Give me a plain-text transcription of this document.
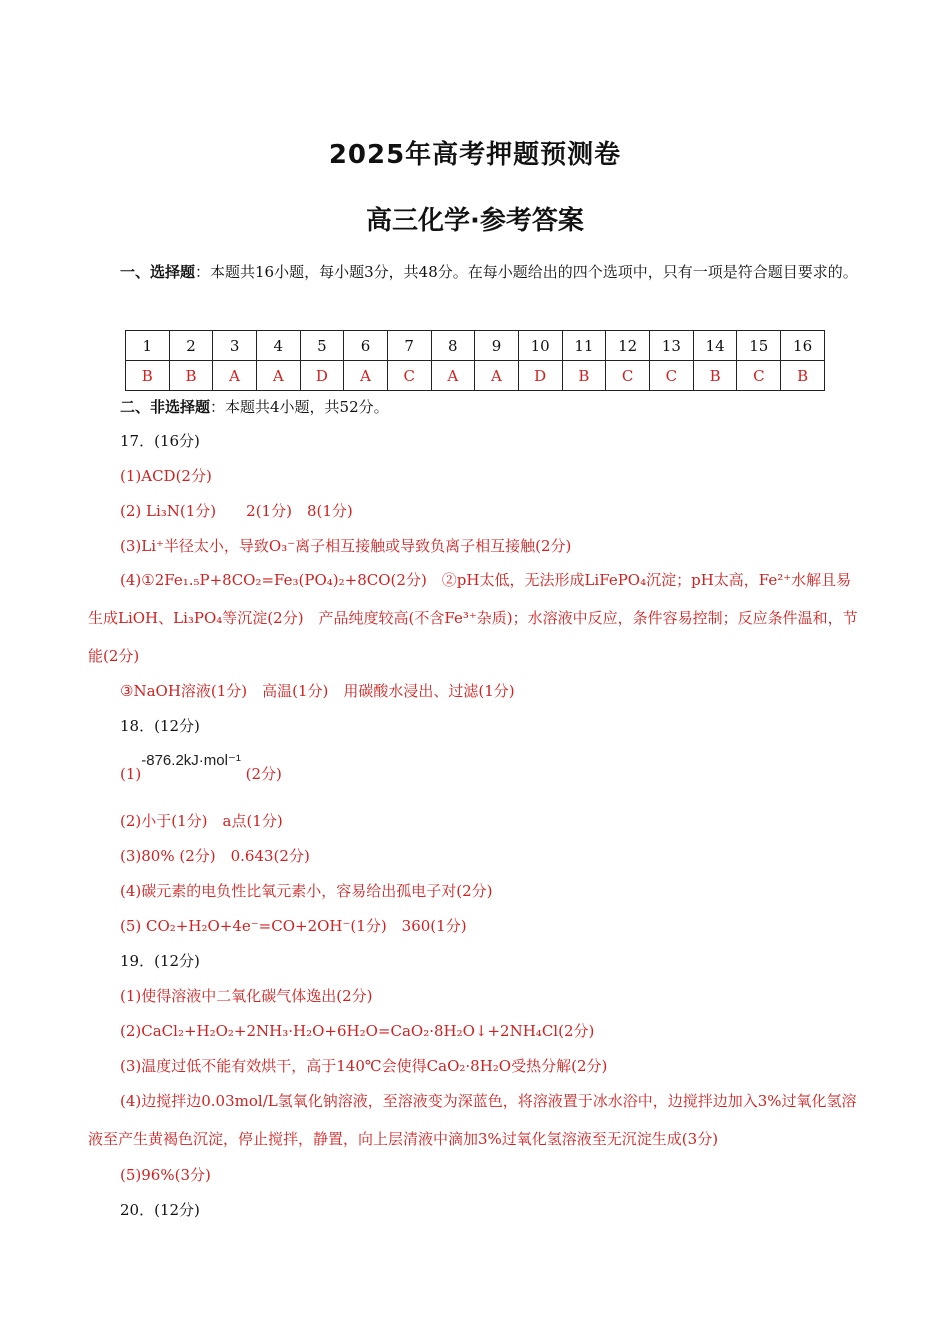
2025年高考押题预测卷
高三化学·参考答案
一、选择题：本题共16小题，每小题3分，共48分。在每小题给出的四个选项中，只有一项是符合题目要求的。
1	2	3	4	5	6	7	8	9	10	11	12	13	14	15	16
B	B	A	A	D	A	C	A	A	D	B	C	C	B	C	B
二、非选择题：本题共4小题，共52分。
17．(16分)
(1)ACD(2分)
(2) Li₃N(1分)　　2(1分)　8(1分)
(3)Li⁺半径太小，导致O₃⁻离子相互接触或导致负离子相互接触(2分)
(4)①2Fe₁.₅P+8CO₂=Fe₃(PO₄)₂+8CO(2分)　②pH太低，无法形成LiFePO₄沉淀；pH太高，Fe²⁺水解且易生成LiOH、Li₃PO₄等沉淀(2分)　产品纯度较高(不含Fe³⁺杂质)；水溶液中反应，条件容易控制；反应条件温和，节能(2分)
③NaOH溶液(1分)　高温(1分)　用碳酸水浸出、过滤(1分)
18．(12分)
(1)-876.2kJ·mol⁻¹ (2分)
(2)小于(1分)　a点(1分)
(3)80% (2分)　0.643(2分)
(4)碳元素的电负性比氧元素小，容易给出孤电子对(2分)
(5) CO₂+H₂O+4e⁻=CO+2OH⁻(1分)　360(1分)
19．(12分)
(1)使得溶液中二氧化碳气体逸出(2分)
(2)CaCl₂+H₂O₂+2NH₃·H₂O+6H₂O=CaO₂·8H₂O↓+2NH₄Cl(2分)
(3)温度过低不能有效烘干，高于140℃会使得CaO₂·8H₂O受热分解(2分)
(4)边搅拌边0.03mol/L氢氧化钠溶液，至溶液变为深蓝色，将溶液置于冰水浴中，边搅拌边加入3%过氧化氢溶液至产生黄褐色沉淀，停止搅拌，静置，向上层清液中滴加3%过氧化氢溶液至无沉淀生成(3分)
(5)96%(3分)
20．(12分)
